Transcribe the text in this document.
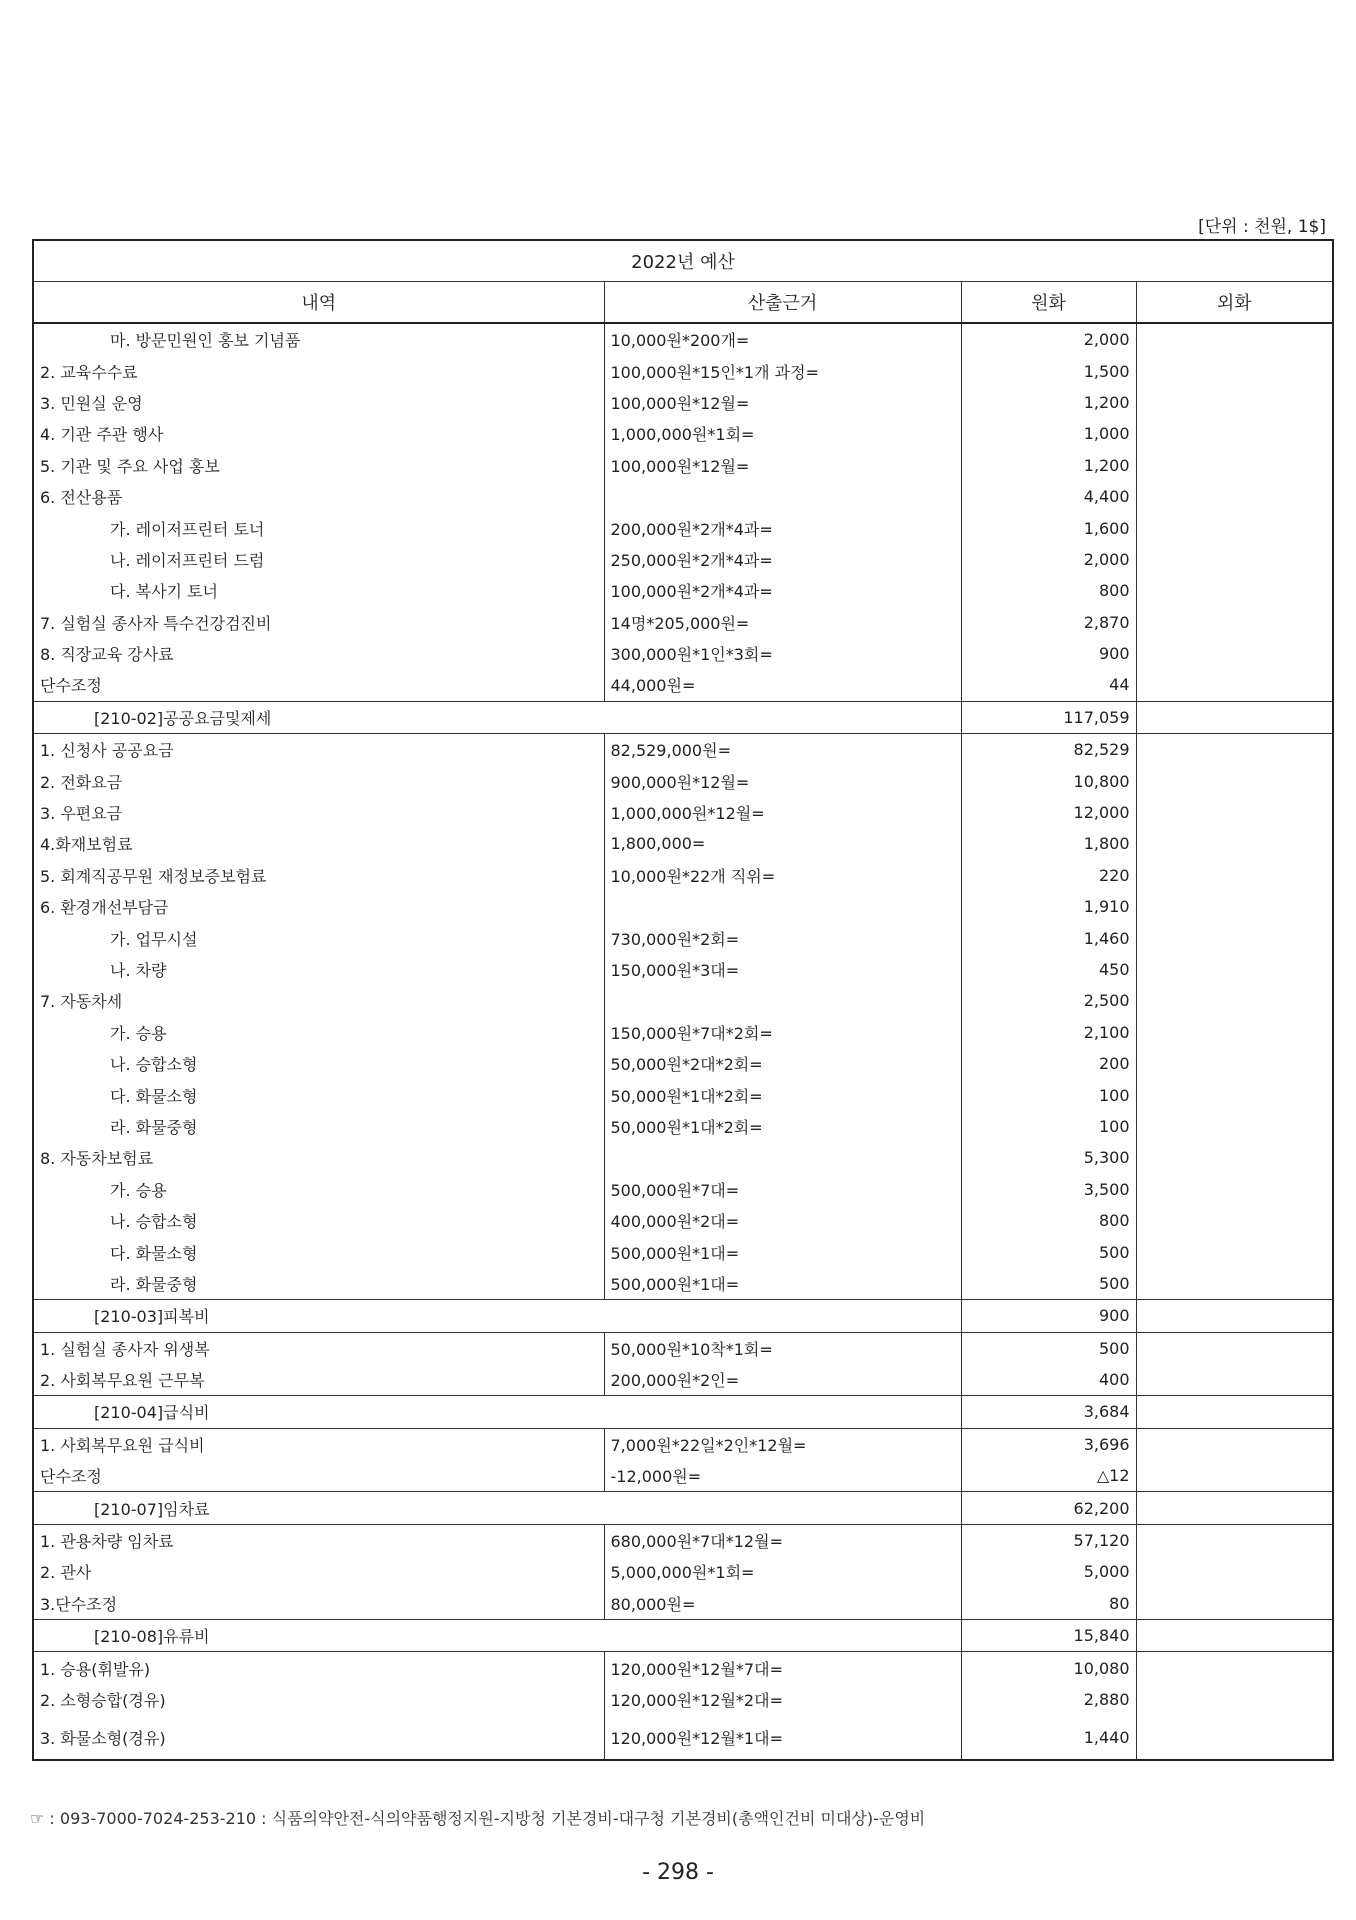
[단위 : 천원, 1$]
2022년 예산			
내역	산출근거	원화	외화
마. 방문민원인 홍보 기념품	10,000원*200개=	2,000	
2. 교육수수료	100,000원*15인*1개 과정=	1,500	
3. 민원실 운영	100,000원*12월=	1,200	
4. 기관 주관 행사	1,000,000원*1회=	1,000	
5. 기관 및 주요 사업 홍보	100,000원*12월=	1,200	
6. 전산용품		4,400	
가. 레이저프린터 토너	200,000원*2개*4과=	1,600	
나. 레이저프린터 드럼	250,000원*2개*4과=	2,000	
다. 복사기 토너	100,000원*2개*4과=	800	
7. 실험실 종사자 특수건강검진비	14명*205,000원=	2,870	
8. 직장교육 강사료	300,000원*1인*3회=	900	
단수조정	44,000원=	44	
[210-02]공공요금및제세		117,059	
1. 신청사 공공요금	82,529,000원=	82,529	
2. 전화요금	900,000원*12월=	10,800	
3. 우편요금	1,000,000원*12월=	12,000	
4.화재보험료	1,800,000=	1,800	
5. 회계직공무원 재정보증보험료	10,000원*22개 직위=	220	
6. 환경개선부담금		1,910	
가. 업무시설	730,000원*2회=	1,460	
나. 차량	150,000원*3대=	450	
7. 자동차세		2,500	
가. 승용	150,000원*7대*2회=	2,100	
나. 승합소형	50,000원*2대*2회=	200	
다. 화물소형	50,000원*1대*2회=	100	
라. 화물중형	50,000원*1대*2회=	100	
8. 자동차보험료		5,300	
가. 승용	500,000원*7대=	3,500	
나. 승합소형	400,000원*2대=	800	
다. 화물소형	500,000원*1대=	500	
라. 화물중형	500,000원*1대=	500	
[210-03]피복비		900	
1. 실험실 종사자 위생복	50,000원*10착*1회=	500	
2. 사회복무요원 근무복	200,000원*2인=	400	
[210-04]급식비		3,684	
1. 사회복무요원 급식비	7,000원*22일*2인*12월=	3,696	
단수조정	-12,000원=	△12	
[210-07]임차료		62,200	
1. 관용차량 임차료	680,000원*7대*12월=	57,120	
2. 관사	5,000,000원*1회=	5,000	
3.단수조정	80,000원=	80	
[210-08]유류비		15,840	
1. 승용(휘발유)	120,000원*12월*7대=	10,080	
2. 소형승합(경유)	120,000원*12월*2대=	2,880	
3. 화물소형(경유)	120,000원*12월*1대=	1,440	
☞ : 093-7000-7024-253-210 : 식품의약안전-식의약품행정지원-지방청 기본경비-대구청 기본경비(총액인건비 미대상)-운영비
- 298 -
